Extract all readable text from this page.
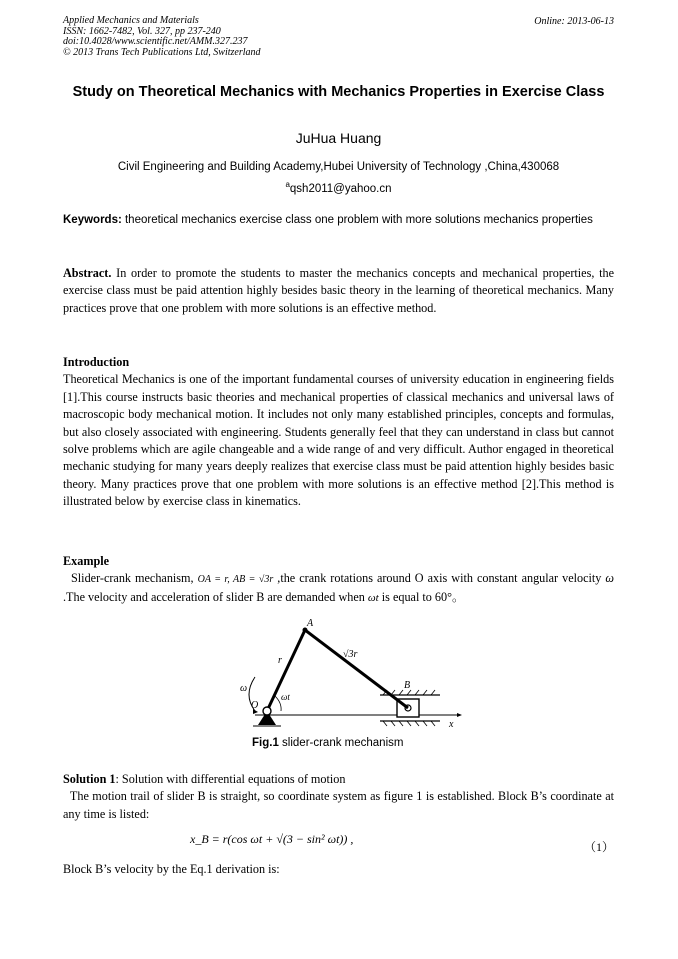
Applied Mechanics and Materials
ISSN: 1662-7482, Vol. 327, pp 237-240
doi:10.4028/www.scientific.net/AMM.327.237
© 2013 Trans Tech Publications Ltd, Switzerland
Online: 2013-06-13
Study on Theoretical Mechanics with Mechanics Properties in Exercise Class
JuHua Huang
Civil Engineering and Building Academy,Hubei University of Technology ,China,430068
$^a$qsh2011@yahoo.cn
Keywords: theoretical mechanics exercise class one problem with more solutions mechanics properties
Abstract. In order to promote the students to master the mechanics concepts and mechanical properties, the exercise class must be paid attention highly besides basic theory in the learning of theoretical mechanics. Many practices prove that one problem with more solutions is an effective method.
Introduction
Theoretical Mechanics is one of the important fundamental courses of university education in engineering fields [1].This course instructs basic theories and mechanical properties of classical mechanics and universal laws of macroscopic body mechanical motion. It includes not only many established principles, concepts and formulas, but also closely associated with engineering. Students generally feel that they can understand in class but cannot solve problems which are agile changeable and a wide range of and very difficult. Author engaged in theoretical mechanic studying for many years deeply realizes that exercise class must be paid attention highly besides basic theory. Many practices prove that one problem with more solutions is an effective method [2].This method is illustrated below by exercise class in kinematics.
Example
Slider-crank mechanism, OA = r, AB = √3r ,the crank rotations around O axis with constant angular velocity ω .The velocity and acceleration of slider B are demanded when ωt is equal to 60°。
A
B
O
r
√3r
ω
ωt
x
Fig.1 slider-crank mechanism
Solution 1: Solution with differential equations of motion
The motion trail of slider B is straight, so coordinate system as figure 1 is established. Block B’s coordinate at any time is listed:
x_B = r(cos ωt + √(3 − sin² ωt)) ,
（1）
Block B’s velocity by the Eq.1 derivation is:
